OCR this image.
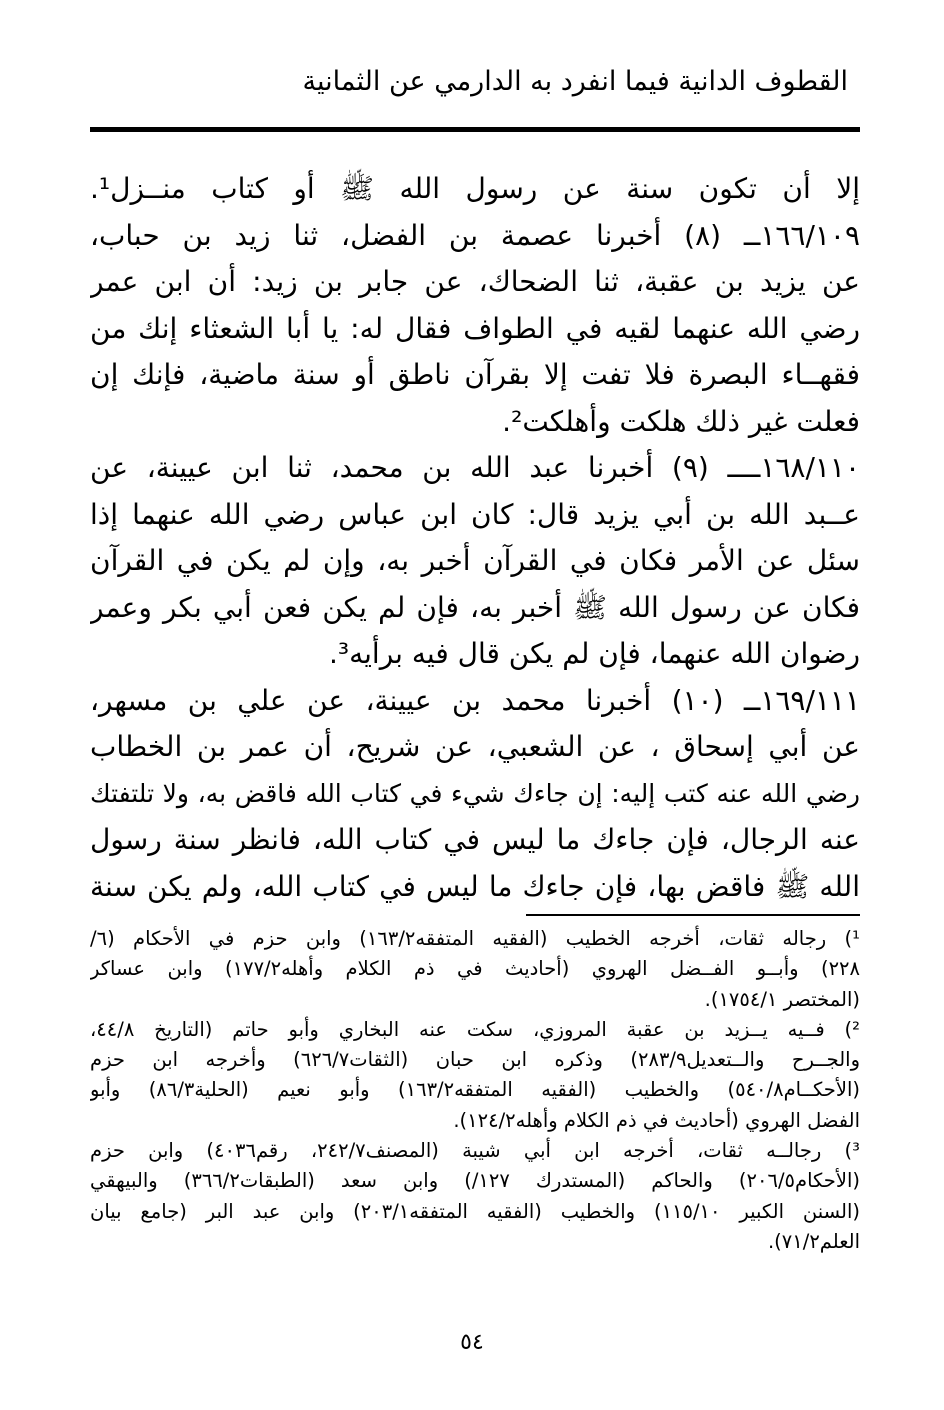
القطوف الدانية فيما انفرد به الدارمي عن الثمانية
إلا أن تكون سنة عن رسول الله ﷺ أو كتاب منــزل¹.
١٦٦/١٠٩ــ (٨) أخبرنا عصمة بن الفضل، ثنا زيد بن حباب،
عن يزيد بن عقبة، ثنا الضحاك، عن جابر بن زيد: أن ابن عمر
رضي الله عنهما لقيه في الطواف فقال له: يا أبا الشعثاء إنك من
فقهــاء البصرة فلا تفت إلا بقرآن ناطق أو سنة ماضية، فإنك إن
فعلت غير ذلك هلكت وأهلكت².
١٦٨/١١٠ــــ (٩) أخبرنا عبد الله بن محمد، ثنا ابن عيينة، عن
عــبد الله بن أبي يزيد قال: كان ابن عباس رضي الله عنهما إذا
سئل عن الأمر فكان في القرآن أخبر به، وإن لم يكن في القرآن
فكان عن رسول الله ﷺ أخبر به، فإن لم يكن فعن أبي بكر وعمر
رضوان الله عنهما، فإن لم يكن قال فيه برأيه³.
١٦٩/١١١ــ (١٠) أخبرنا محمد بن عيينة، عن علي بن مسهر،
عن أبي إسحاق ، عن الشعبي، عن شريح، أن عمر بن الخطاب
رضي الله عنه كتب إليه: إن جاءك شيء في كتاب الله فاقض به، ولا تلتفتك
عنه الرجال، فإن جاءك ما ليس في كتاب الله، فانظر سنة رسول
الله ﷺ فاقض بها، فإن جاءك ما ليس في كتاب الله، ولم يكن سنة
¹) رجاله ثقات، أخرجه الخطيب (الفقيه المتفقه١٦٣/٢) وابن حزم في الأحكام (٦/
٢٢٨) وأبــو الفــضل الهروي (أحاديث في ذم الكلام وأهله١٧٧/٢) وابن عساكر
(المختصر ١٧٥٤/١).
²) فــيه يــزيد بن عقبة المروزي، سكت عنه البخاري وأبو حاتم (التاريخ ٤٤/٨،
والجــرح والــتعديل٢٨٣/٩) وذكره ابن حبان (الثقات٦٢٦/٧) وأخرجه ابن حزم
(الأحكــام٥٤٠/٨) والخطيب (الفقيه المتفقه١٦٣/٢) وأبو نعيم (الحلية٨٦/٣) وأبو
الفضل الهروي (أحاديث في ذم الكلام وأهله١٢٤/٢).
³) رجالــه ثقات، أخرجه ابن أبي شيبة (المصنف٢٤٢/٧، رقم٤٠٣٦) وابن حزم
(الأحكام٢٠٦/٥) والحاكم (المستدرك ١٢٧/) وابن سعد (الطبقات٣٦٦/٢) والبيهقي
(السنن الكبير ١١٥/١٠) والخطيب (الفقيه المتفقه٢٠٣/١) وابن عبد البر (جامع بيان
العلم٧١/٢).
٥٤
